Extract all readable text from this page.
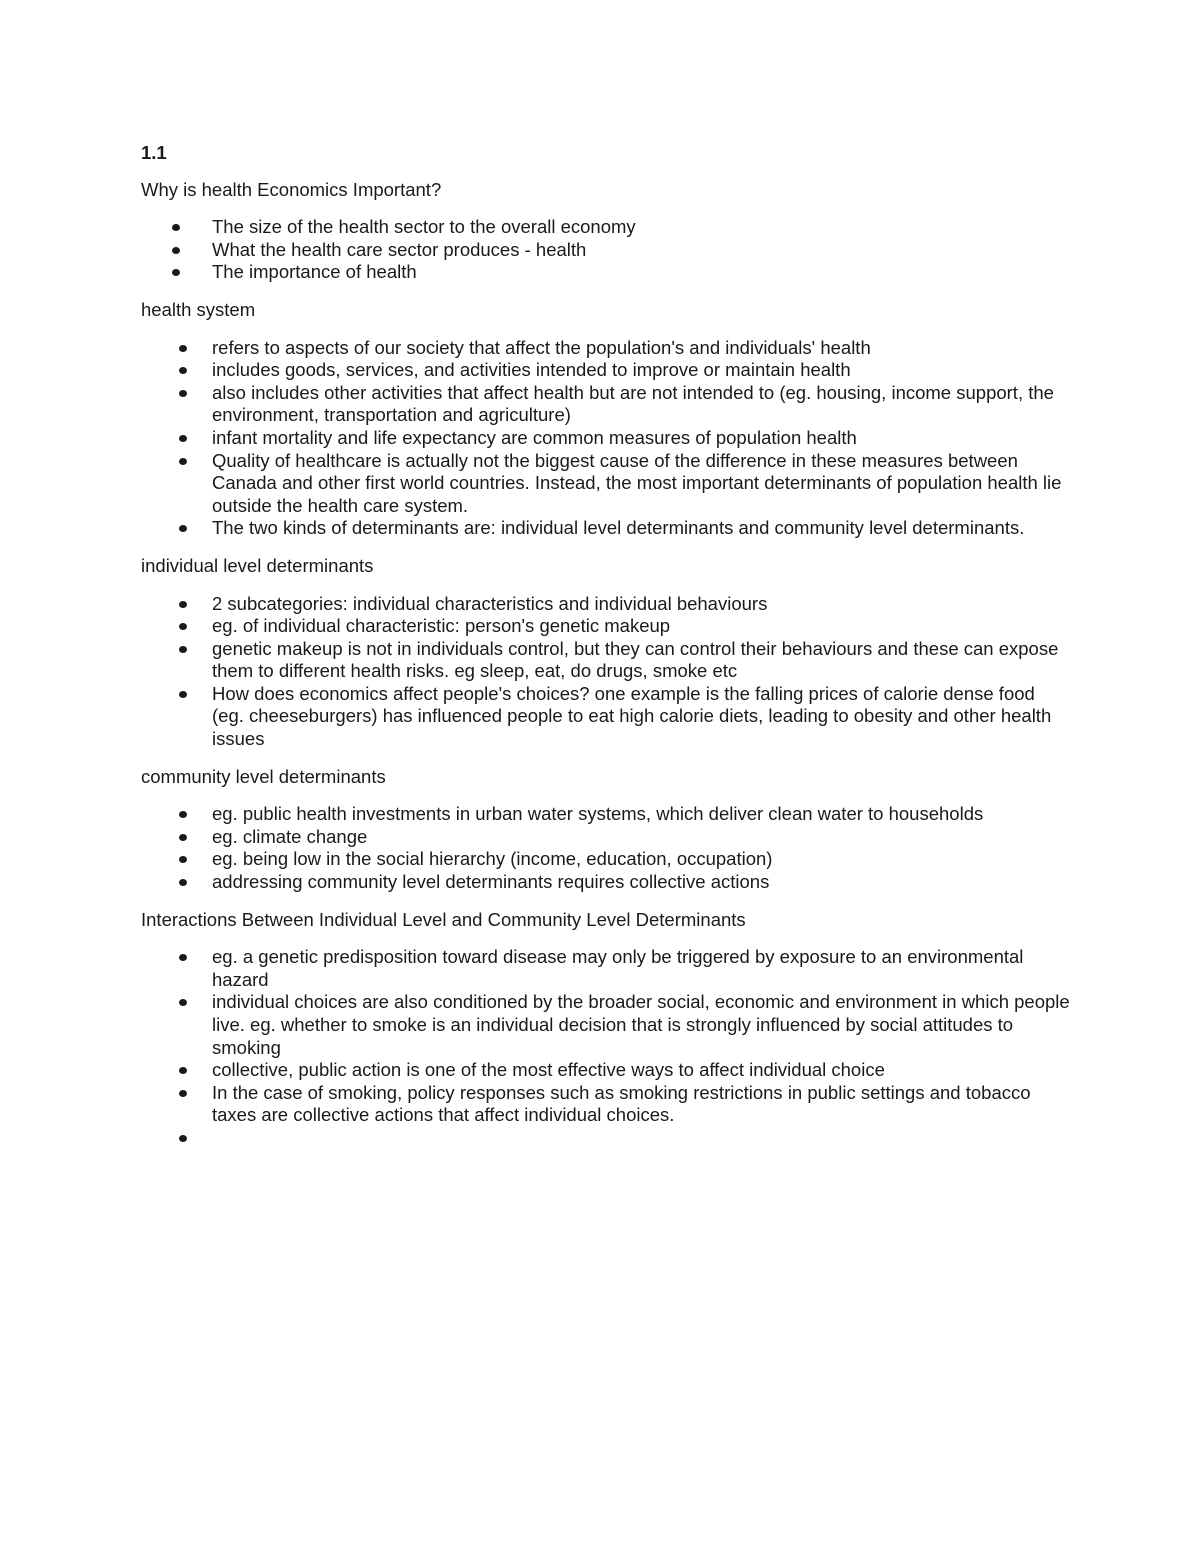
1.1
Why is health Economics Important?
The size of the health sector to the overall economy
What the health care sector produces - health
The importance of health
health system
refers to aspects of our society that affect the population's and individuals' health
includes goods, services, and activities intended to improve or maintain health
also includes other activities that affect health but are not intended to (eg. housing, income support, the environment, transportation and agriculture)
infant mortality and life expectancy are common measures of population health
Quality of healthcare is actually not the biggest cause of the difference in these measures between Canada and other first world countries. Instead, the most important determinants of population health lie outside the health care system.
The two kinds of determinants are: individual level determinants and community level determinants.
individual level determinants
2 subcategories: individual characteristics and individual behaviours
eg. of individual characteristic: person's genetic makeup
genetic makeup is not in individuals control, but they can control their behaviours and these can expose them to different health risks. eg sleep, eat, do drugs, smoke etc
How does economics affect people's choices? one example is the falling prices of calorie dense food (eg. cheeseburgers) has influenced people to eat high calorie diets, leading to obesity and other health issues
community level determinants
eg. public health investments in urban water systems, which deliver clean water to households
eg. climate change
eg. being low in the social hierarchy (income, education, occupation)
addressing community level determinants requires collective actions
Interactions Between Individual Level and Community Level Determinants
eg. a genetic predisposition toward disease may only be triggered by exposure to an environmental hazard
individual choices are also conditioned by the broader social, economic and environment in which people live. eg. whether to smoke is an individual decision that is strongly influenced by social attitudes to smoking
collective, public action is one of the most effective ways to affect individual choice
In the case of smoking, policy responses such as smoking restrictions in public settings and tobacco taxes are collective actions that affect individual choices.
